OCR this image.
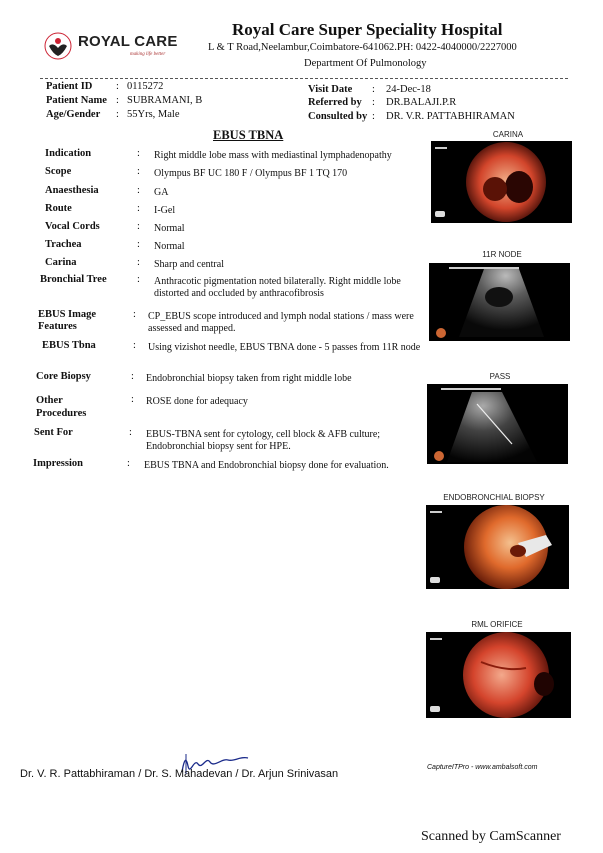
ROYAL CARE
making life better
Royal Care Super Speciality Hospital
L & T Road,Neelambur,Coimbatore-641062.PH: 0422-4040000/2227000
Department Of Pulmonology
Patient ID : 0115272
Patient Name : SUBRAMANI, B
Age/Gender : 55Yrs, Male
Visit Date : 24-Dec-18
Referred by : DR.BALAJI.P.R
Consulted by : DR. V.R. PATTABHIRAMAN
EBUS TBNA
Indication	: Right middle lobe mass with mediastinal lymphadenopathy
Scope	: Olympus BF UC 180 F / Olympus BF 1 TQ 170
Anaesthesia	: GA
Route	: I-Gel
Vocal Cords	: Normal
Trachea	: Normal
Carina	: Sharp and central
Bronchial Tree	: Anthracotic pigmentation noted bilaterally. Right middle lobe distorted and occluded by anthracofibrosis
EBUS Image Features
: CP_EBUS scope introduced and lymph nodal stations / mass were assessed and mapped.
EBUS Tbna	: Using vizishot needle, EBUS TBNA done - 5 passes from 11R node
Core Biopsy	: Endobronchial biopsy taken from right middle lobe
Other Procedures
: ROSE done for adequacy
Sent For	: EBUS-TBNA sent for cytology, cell block & AFB culture; Endobronchial biopsy sent for HPE.
Impression	: EBUS TBNA and Endobronchial biopsy done for evaluation.
CARINA
11R NODE
PASS
ENDOBRONCHIAL BIOPSY
RML ORIFICE
Dr. V. R. Pattabhiraman / Dr. S. Mahadevan / Dr. Arjun Srinivasan
CaptureITPro - www.ambalsoft.com
Scanned by CamScanner
